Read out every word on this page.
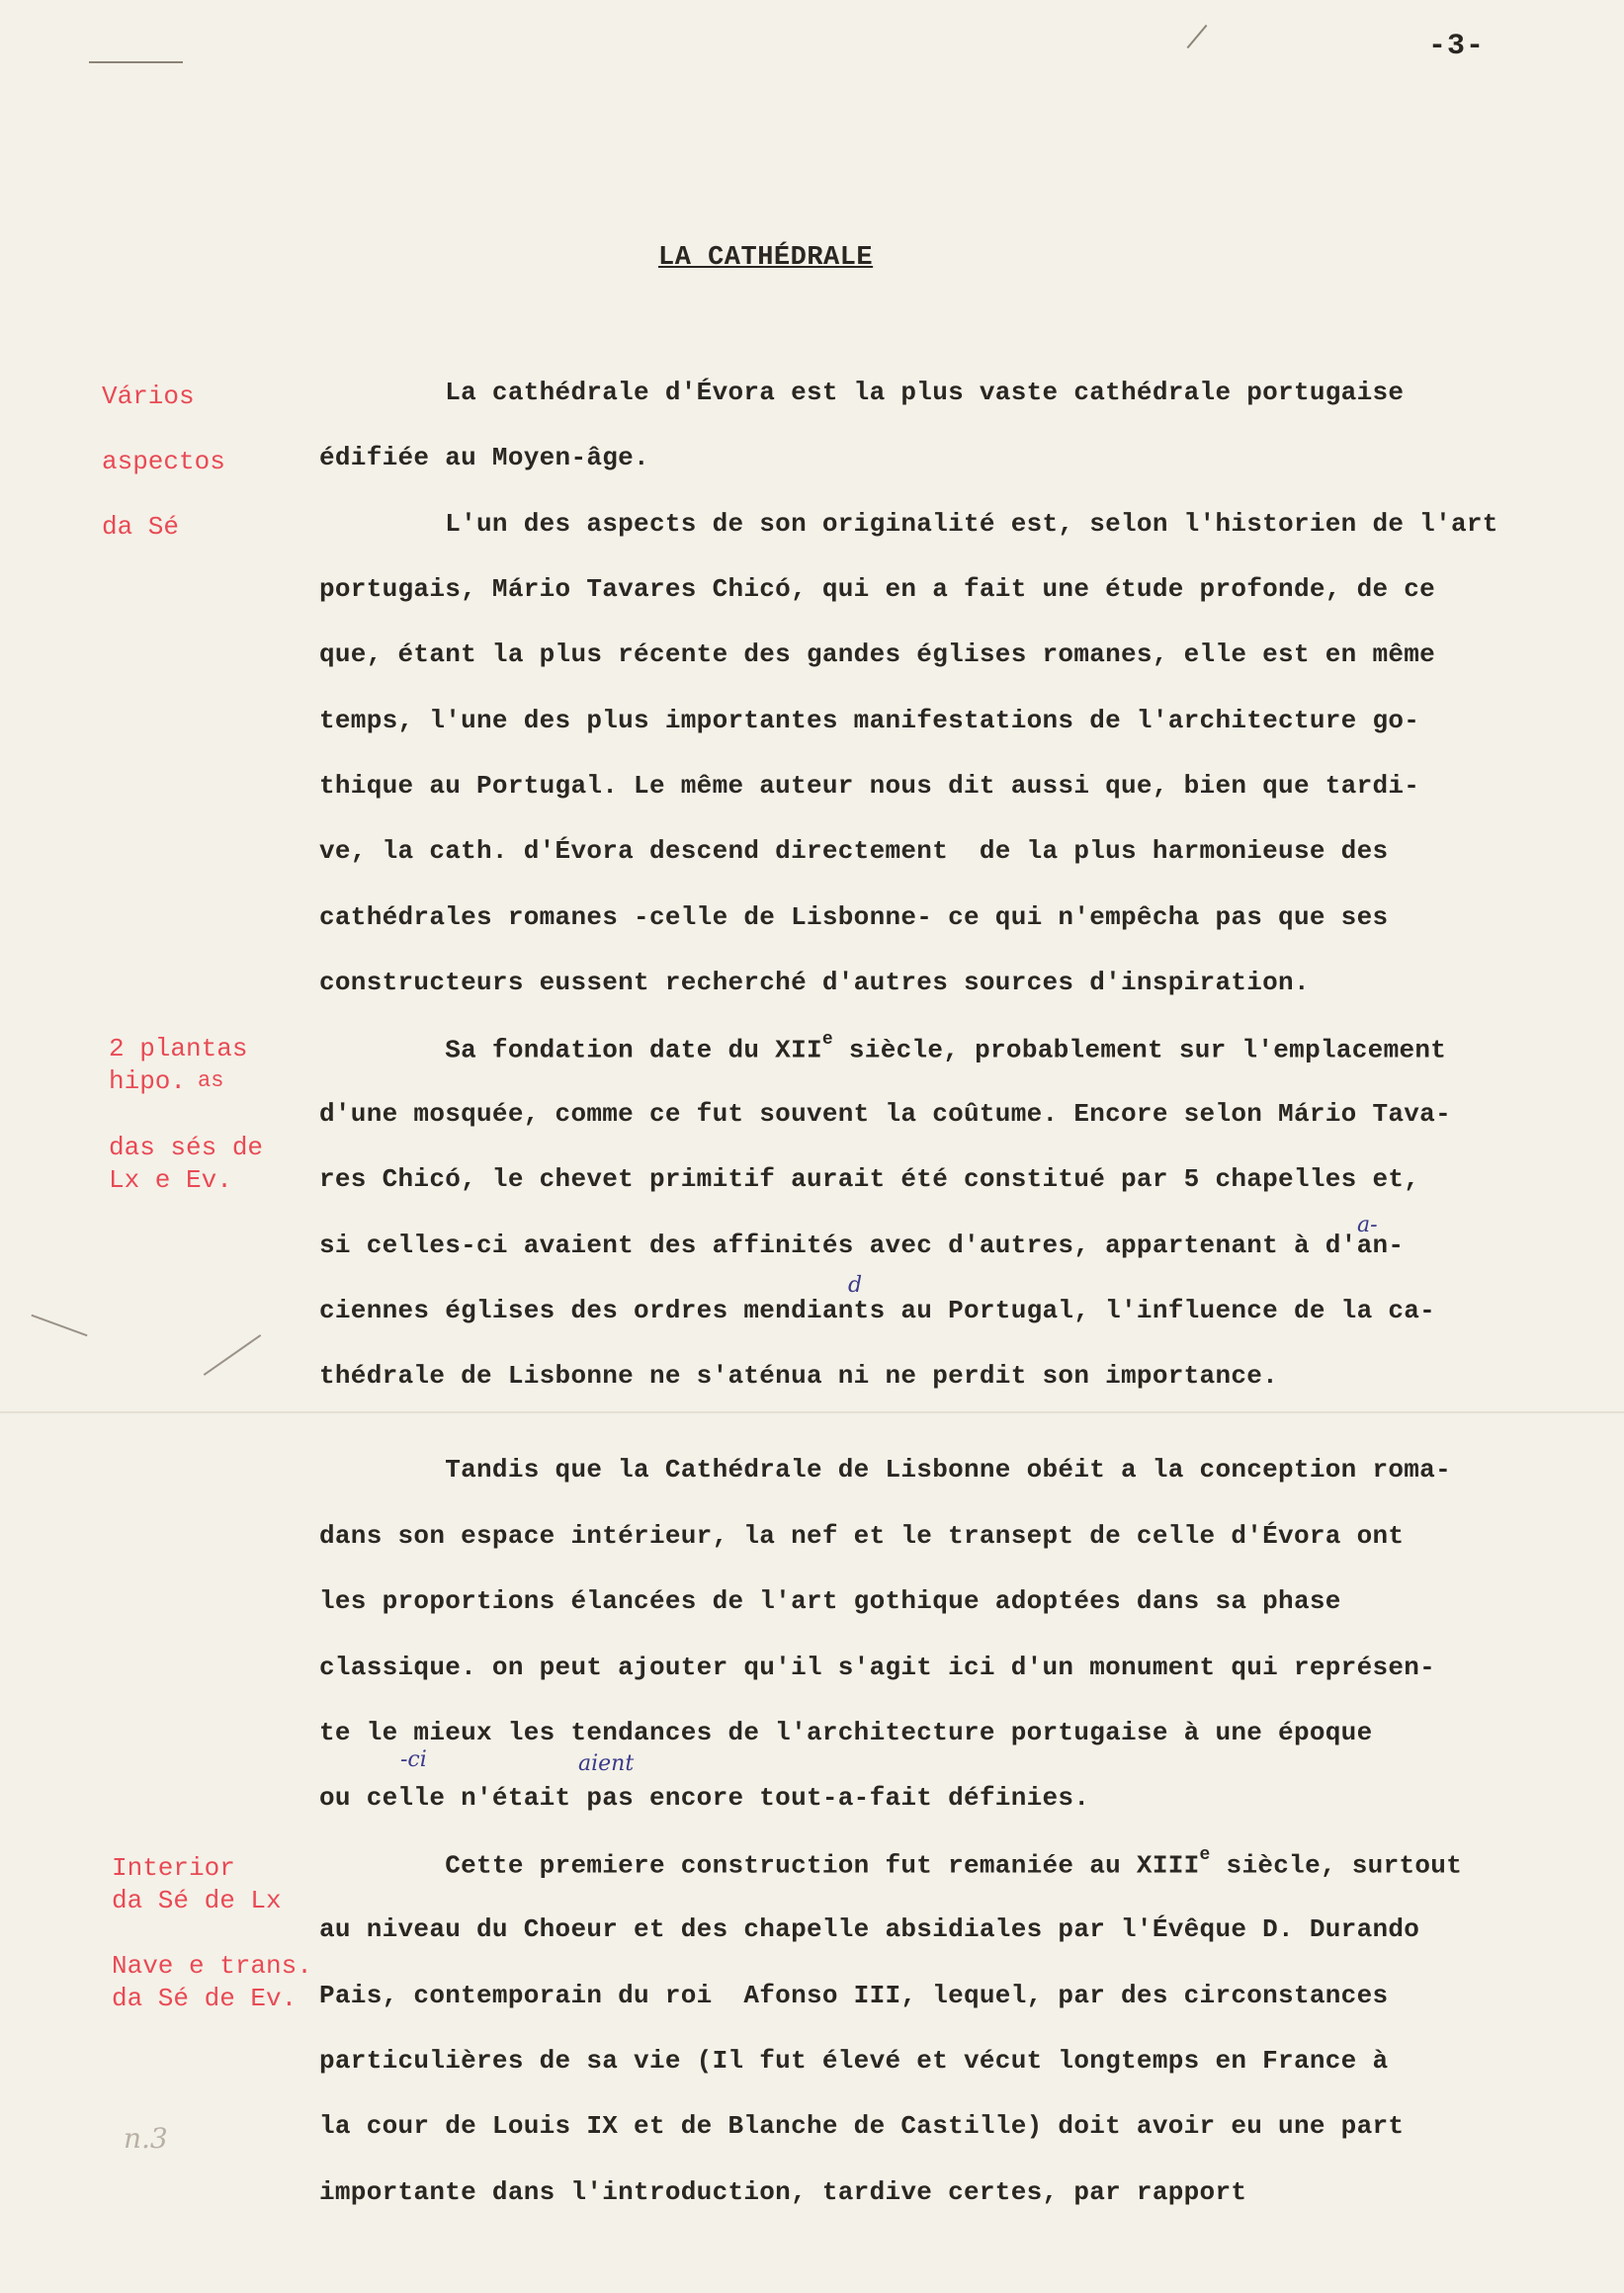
-3-
LA CATHÉDRALE
Vários

aspectos

da Sé
2 plantas
hipo. as
das sés de
Lx e Ev.
Interior
da Sé de Lx
Nave e trans.
da Sé de Ev.
La cathédrale d'Évora est la plus vaste cathédrale portugaise
édifiée au Moyen-âge.
L'un des aspects de son originalité est, selon l'historien de l'art
portugais, Mário Tavares Chicó, qui en a fait une étude profonde, de ce
que, étant la plus récente des gandes églises romanes, elle est en même
temps, l'une des plus importantes manifestations de l'architecture go-
thique au Portugal. Le même auteur nous dit aussi que, bien que tardi-
ve, la cath. d'Évora descend directement  de la plus harmonieuse des
cathédrales romanes -celle de Lisbonne- ce qui n'empêcha pas que ses
constructeurs eussent recherché d'autres sources d'inspiration.
Sa fondation date du XIIe siècle, probablement sur l'emplacement
d'une mosquée, comme ce fut souvent la coûtume. Encore selon Mário Tava-
res Chicó, le chevet primitif aurait été constitué par 5 chapelles et,
si celles-ci avaient des affinités avec d'autres, appartenant à d'an-
ciennes églises des ordres mendiants au Portugal, l'influence de la ca-
thédrale de Lisbonne ne s'aténua ni ne perdit son importance.
Tandis que la Cathédrale de Lisbonne obéit a la conception roma-
dans son espace intérieur, la nef et le transept de celle d'Évora ont
les proportions élancées de l'art gothique adoptées dans sa phase
classique. on peut ajouter qu'il s'agit ici d'un monument qui représen-
te le mieux les tendances de l'architecture portugaise à une époque
ou celle n'était pas encore tout-a-fait définies.
Cette premiere construction fut remaniée au XIIIe siècle, surtout
au niveau du Choeur et des chapelle absidiales par l'Évêque D. Durando
Pais, contemporain du roi  Afonso III, lequel, par des circonstances
particulières de sa vie (Il fut élevé et vécut longtemps en France à
la cour de Louis IX et de Blanche de Castille) doit avoir eu une part
importante dans l'introduction, tardive certes, par rapport
-ci	aient
a-
d
n.3
